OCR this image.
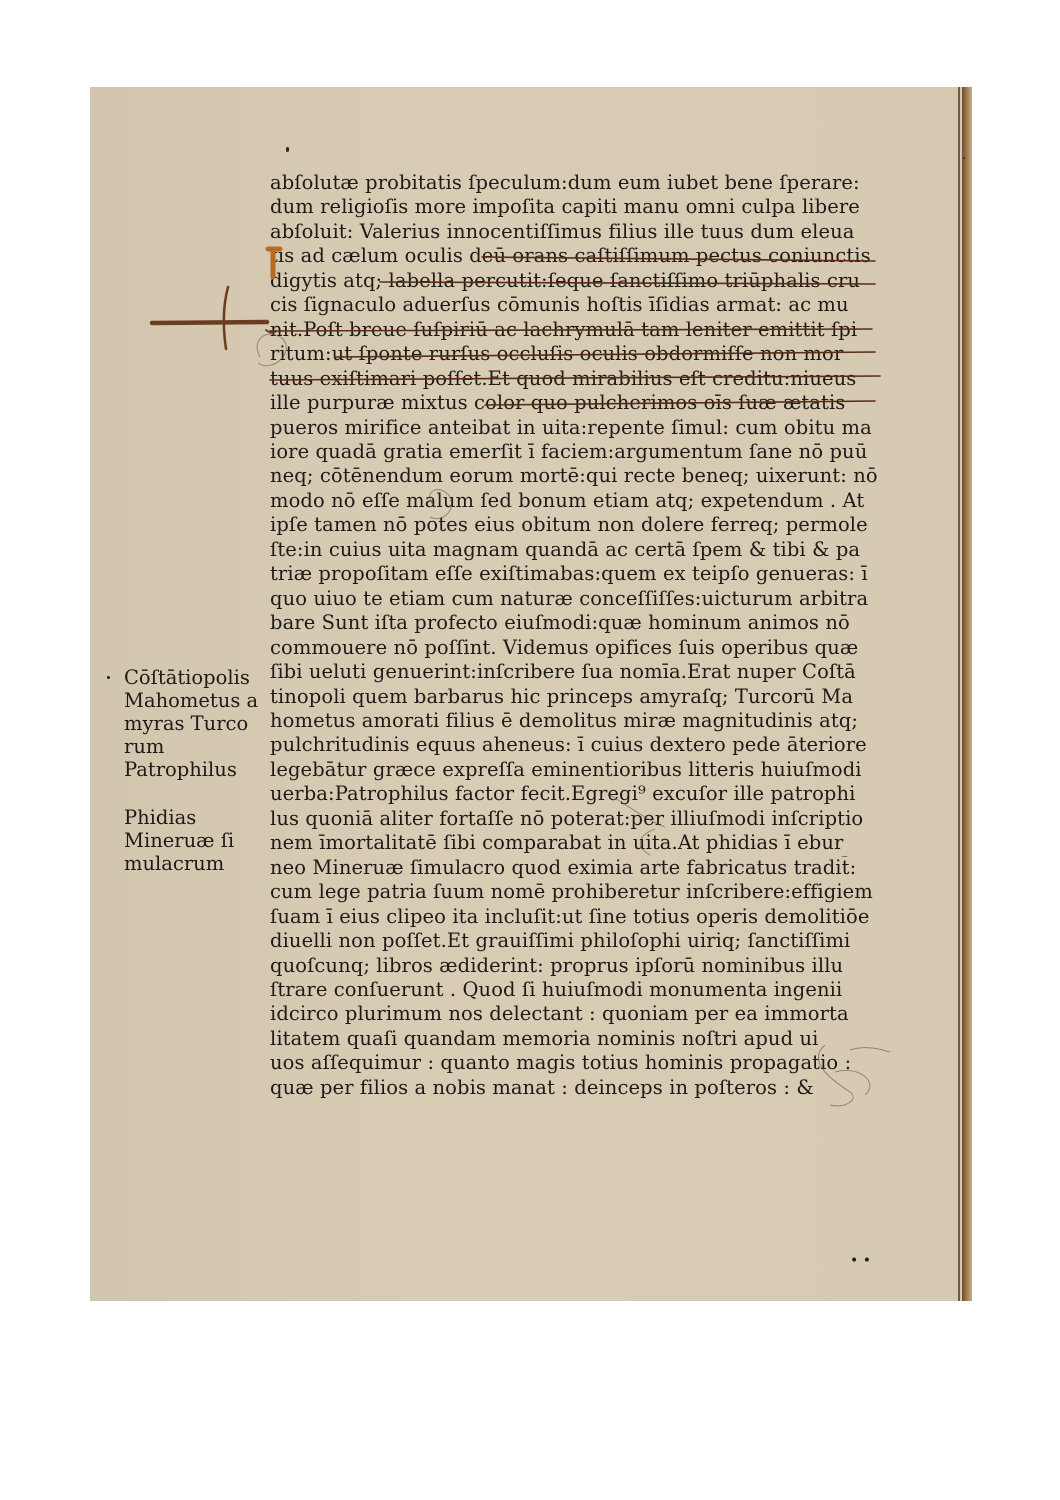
·
abſolutæ probitatis ſpeculum:dum eum iubet bene ſperare:
dum religioſis more impoſita capiti manu omni culpa libere
abſoluit: Valerius innocentiſſimus filius ille tuus dum eleua
tis ad cælum oculis deū orans caſtiſſimum pectus coniunctis
digytis atq; labella percutit:ſeque ſanctiſſimo triūphalis cru
cis ſignaculo aduerſus cōmunis hoſtis īſidias armat: ac mu
nit.Poſt breue ſuſpiriū ac lachrymulā tam leniter emittit ſpi
ritum:ut ſponte rurſus occluſis oculis obdormiſſe non mor
tuus exiſtimari poſſet.Et quod mirabilius eſt creditu:niueus
ille purpuræ mixtus color quo pulcherimos oīs ſuæ ætatis
pueros mirifice anteibat in uita:repente ſimul: cum obitu ma
iore quadā gratia emerſit ī faciem:argumentum ſane nō puū
neq; cōtēnendum eorum mortē:qui recte beneq; uixerunt: nō
modo nō eſſe malum ſed bonum etiam atq; expetendum . At
ipſe tamen nō potes eius obitum non dolere ferreq; permole
ſte:in cuius uita magnam quandā ac certā ſpem & tibi & pa
triæ propoſitam eſſe exiſtimabas:quem ex teipſo genueras: ī
quo uiuo te etiam cum naturæ conceſſiſſes:uicturum arbitra
bare Sunt iſta profecto eiuſmodi:quæ hominum animos nō
commouere nō poſſint. Videmus opifices ſuis operibus quæ
ſibi ueluti genuerint:inſcribere ſua nomīa.Erat nuper Coſtā
tinopoli quem barbarus hic princeps amyraſq; Turcorū Ma
hometus amorati filius ē demolitus miræ magnitudinis atq;
pulchritudinis equus aheneus: ī cuius dextero pede āteriore
legebātur græce expreſſa eminentioribus litteris huiuſmodi
uerba:Patrophilus factor fecit.Egregi⁹ excuſor ille patrophi
lus quoniā aliter fortaſſe nō poterat:per illiuſmodi inſcriptio
nem īmortalitatē ſibi comparabat in uita.At phidias ī ebur
neo Mineruæ ſimulacro quod eximia arte fabricatus tradit̄:
cum lege patria ſuum nomē prohiberetur inſcribere:effigiem
ſuam ī eius clipeo ita incluſit:ut ſine totius operis demolitiōe
diuelli non poſſet.Et grauiſſimi philoſophi uiriq; ſanctiſſimi
quoſcunq; libros ædiderint: proprus ipſorū nominibus illu
ſtrare conſuerunt . Quod ſi huiuſmodi monumenta ingenii
idcirco plurimum nos delectant : quoniam per ea immorta
litatem quaſi quandam memoria nominis noſtri apud ui
uos aſſequimur : quanto magis totius hominis propagatio :
quæ per filios a nobis manat : deinceps in poſteros : &
Cōſtātiopolis
Mahometus a
myras Turco
rum
Patrophilus
Phidias
Mineruæ ſi
mulacrum
• •
